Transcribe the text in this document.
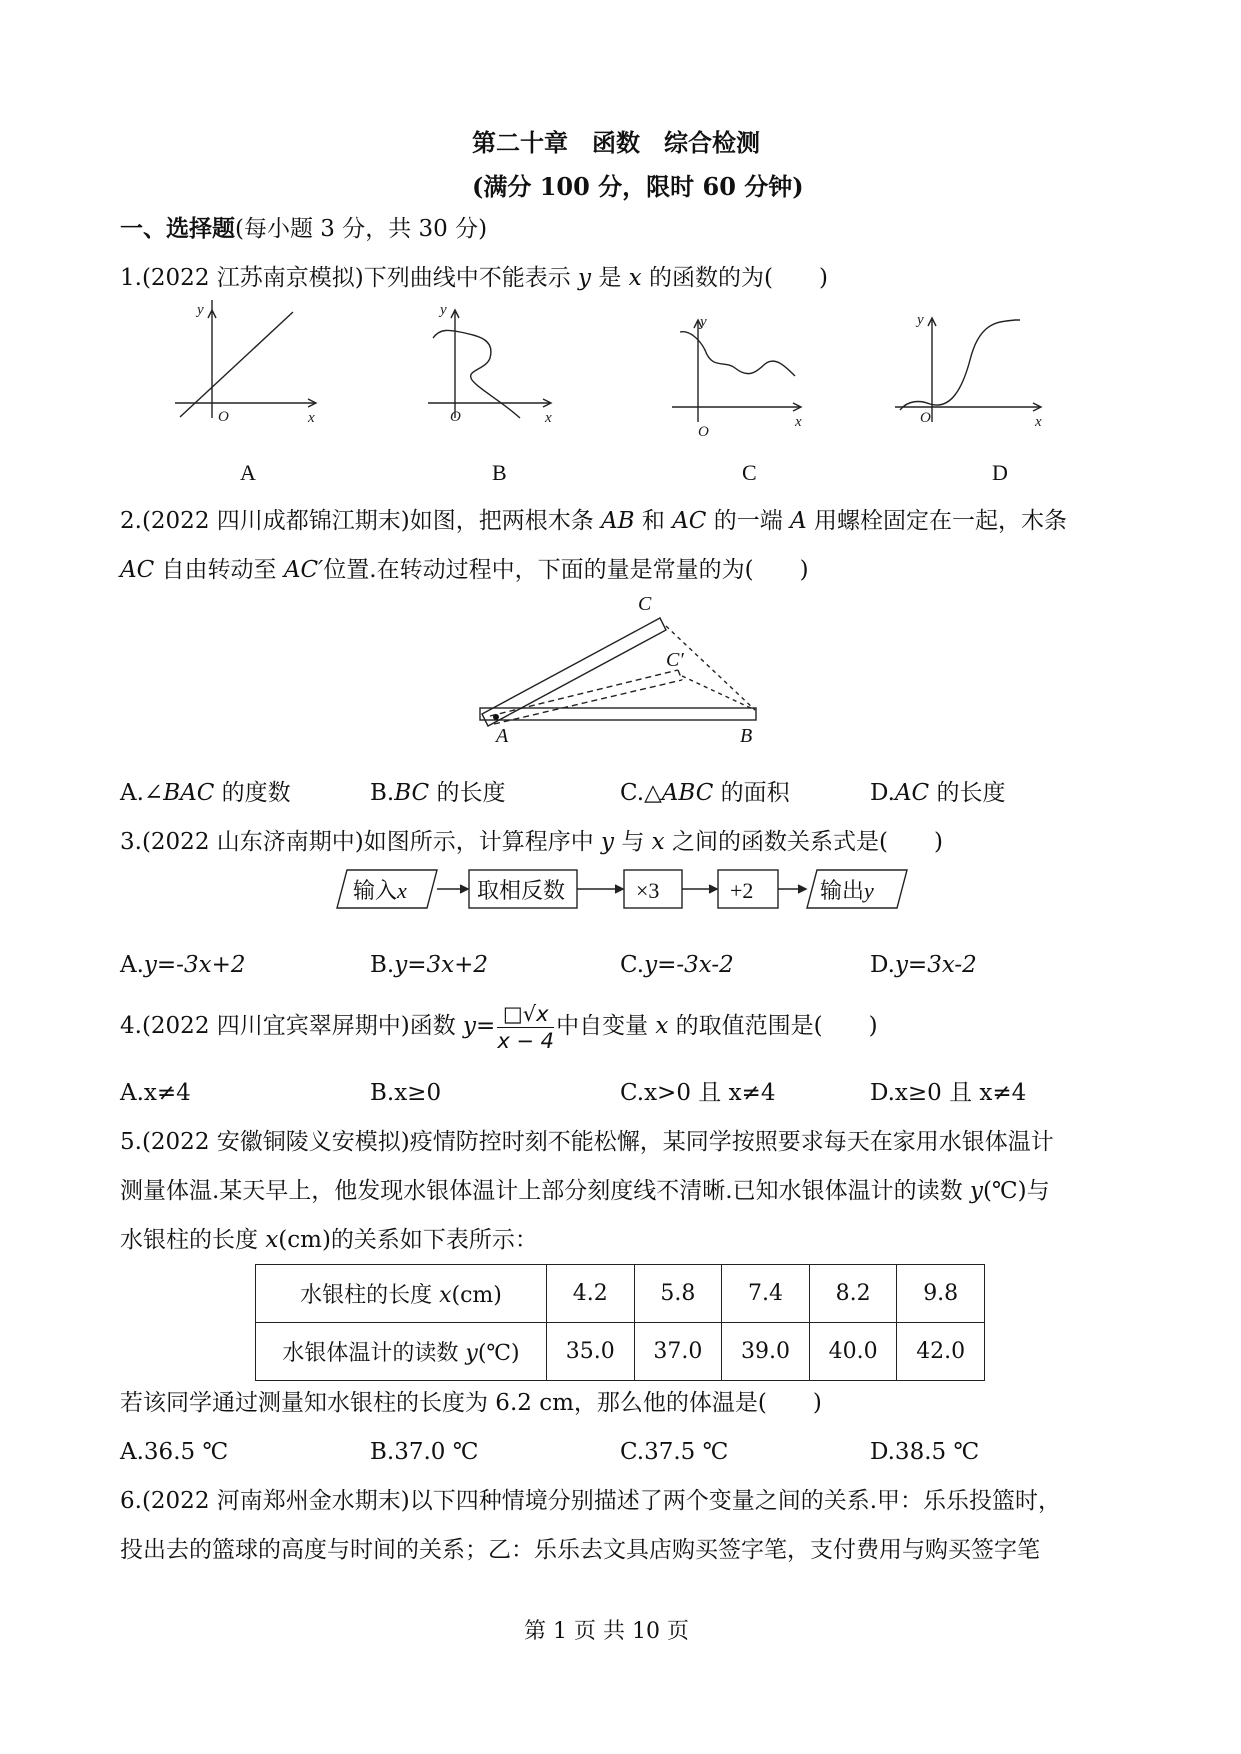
第二十章　函数　综合检测
(满分 100 分，限时 60 分钟)
一、选择题(每小题 3 分，共 30 分)
1.(2022 江苏南京模拟)下列曲线中不能表示 y 是 x 的函数的为(　　)
y
x
O
y
x
O
y
x
O
y
x
O
A	B	C	D
2.(2022 四川成都锦江期末)如图，把两根木条 AB 和 AC 的一端 A 用螺栓固定在一起，木条
AC 自由转动至 AC′位置.在转动过程中，下面的量是常量的为(　　)
C
C′
A	B
A.∠BAC 的度数	B.BC 的长度	C.△ABC 的面积	D.AC 的长度
3.(2022 山东济南期中)如图所示，计算程序中 y 与 x 之间的函数关系式是(　　)
输入x	取相反数	×3	+2	输出y
A.y=-3x+2	B.y=3x+2	C.y=-3x-2	D.y=3x-2
4.(2022 四川宜宾翠屏期中)函数 $y= \frac{□√x}{x - 4}$ 中自变量 x 的取值范围是(　　)
A.x≠4	B.x≥0	C.x>0 且 x≠4	D.x≥0 且 x≠4
5.(2022 安徽铜陵义安模拟)疫情防控时刻不能松懈，某同学按照要求每天在家用水银体温计
测量体温.某天早上，他发现水银体温计上部分刻度线不清晰.已知水银体温计的读数 y(℃)与
水银柱的长度 x(cm)的关系如下表所示：
水银柱的长度 x(cm)	4.2	5.8	7.4	8.2	9.8
水银体温计的读数 y(℃)	35.0	37.0	39.0	40.0	42.0
若该同学通过测量知水银柱的长度为 6.2 cm，那么他的体温是(　　)
A.36.5 ℃	B.37.0 ℃	C.37.5 ℃	D.38.5 ℃
6.(2022 河南郑州金水期末)以下四种情境分别描述了两个变量之间的关系.甲：乐乐投篮时，
投出去的篮球的高度与时间的关系；乙：乐乐去文具店购买签字笔，支付费用与购买签字笔
第 1 页 共 10 页
